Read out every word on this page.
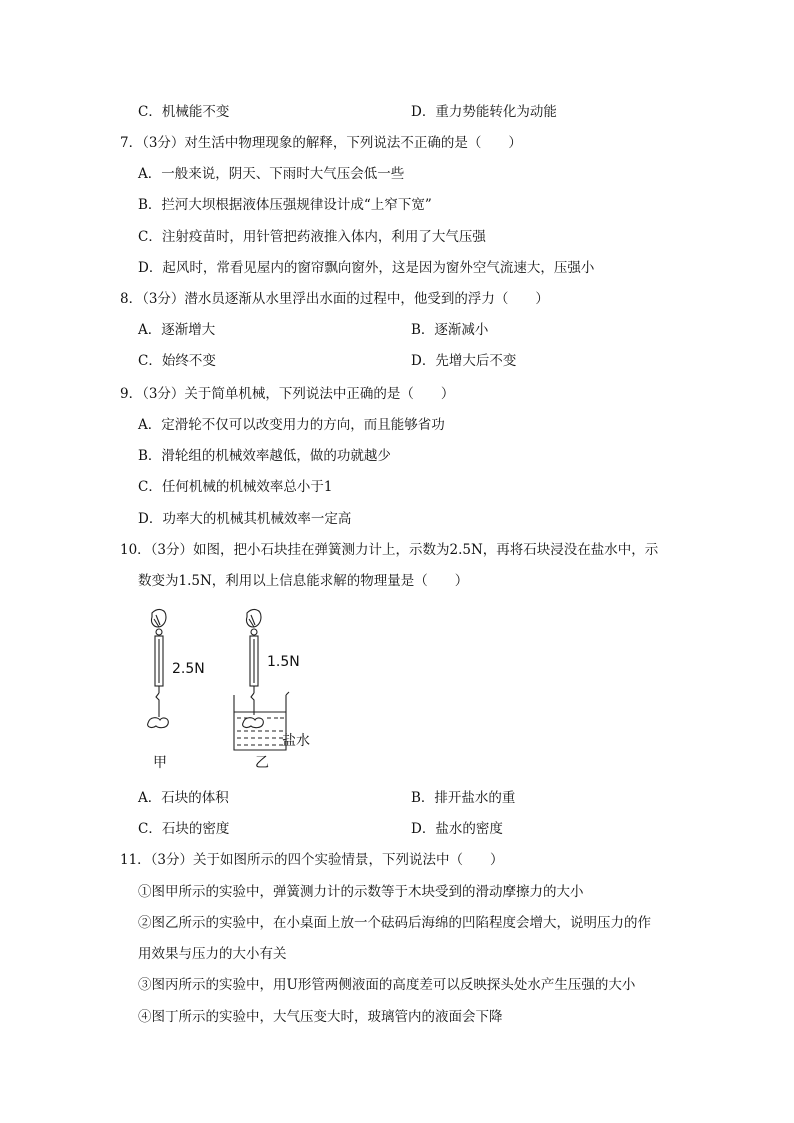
C．机械能不变	D．重力势能转化为动能
7．（3分）对生活中物理现象的解释，下列说法不正确的是（　　）
A．一般来说，阴天、下雨时大气压会低一些
B．拦河大坝根据液体压强规律设计成“上窄下宽”
C．注射疫苗时，用针管把药液推入体内，利用了大气压强
D．起风时，常看见屋内的窗帘飘向窗外，这是因为窗外空气流速大，压强小
8．（3分）潜水员逐渐从水里浮出水面的过程中，他受到的浮力（　　）
A．逐渐增大	B．逐渐减小
C．始终不变	D．先增大后不变
9．（3分）关于简单机械，下列说法中正确的是（　　）
A．定滑轮不仅可以改变用力的方向，而且能够省功
B．滑轮组的机械效率越低，做的功就越少
C．任何机械的机械效率总小于1
D．功率大的机械其机械效率一定高
10．（3分）如图，把小石块挂在弹簧测力计上，示数为2.5N，再将石块浸没在盐水中，示
数变为1.5N，利用以上信息能求解的物理量是（　　）
2.5N	1.5N
盐水
甲	乙
A．石块的体积	B．排开盐水的重
C．石块的密度	D．盐水的密度
11．（3分）关于如图所示的四个实验情景，下列说法中（　　）
①图甲所示的实验中，弹簧测力计的示数等于木块受到的滑动摩擦力的大小
②图乙所示的实验中，在小桌面上放一个砝码后海绵的凹陷程度会增大，说明压力的作
用效果与压力的大小有关
③图丙所示的实验中，用U形管两侧液面的高度差可以反映探头处水产生压强的大小
④图丁所示的实验中，大气压变大时，玻璃管内的液面会下降
